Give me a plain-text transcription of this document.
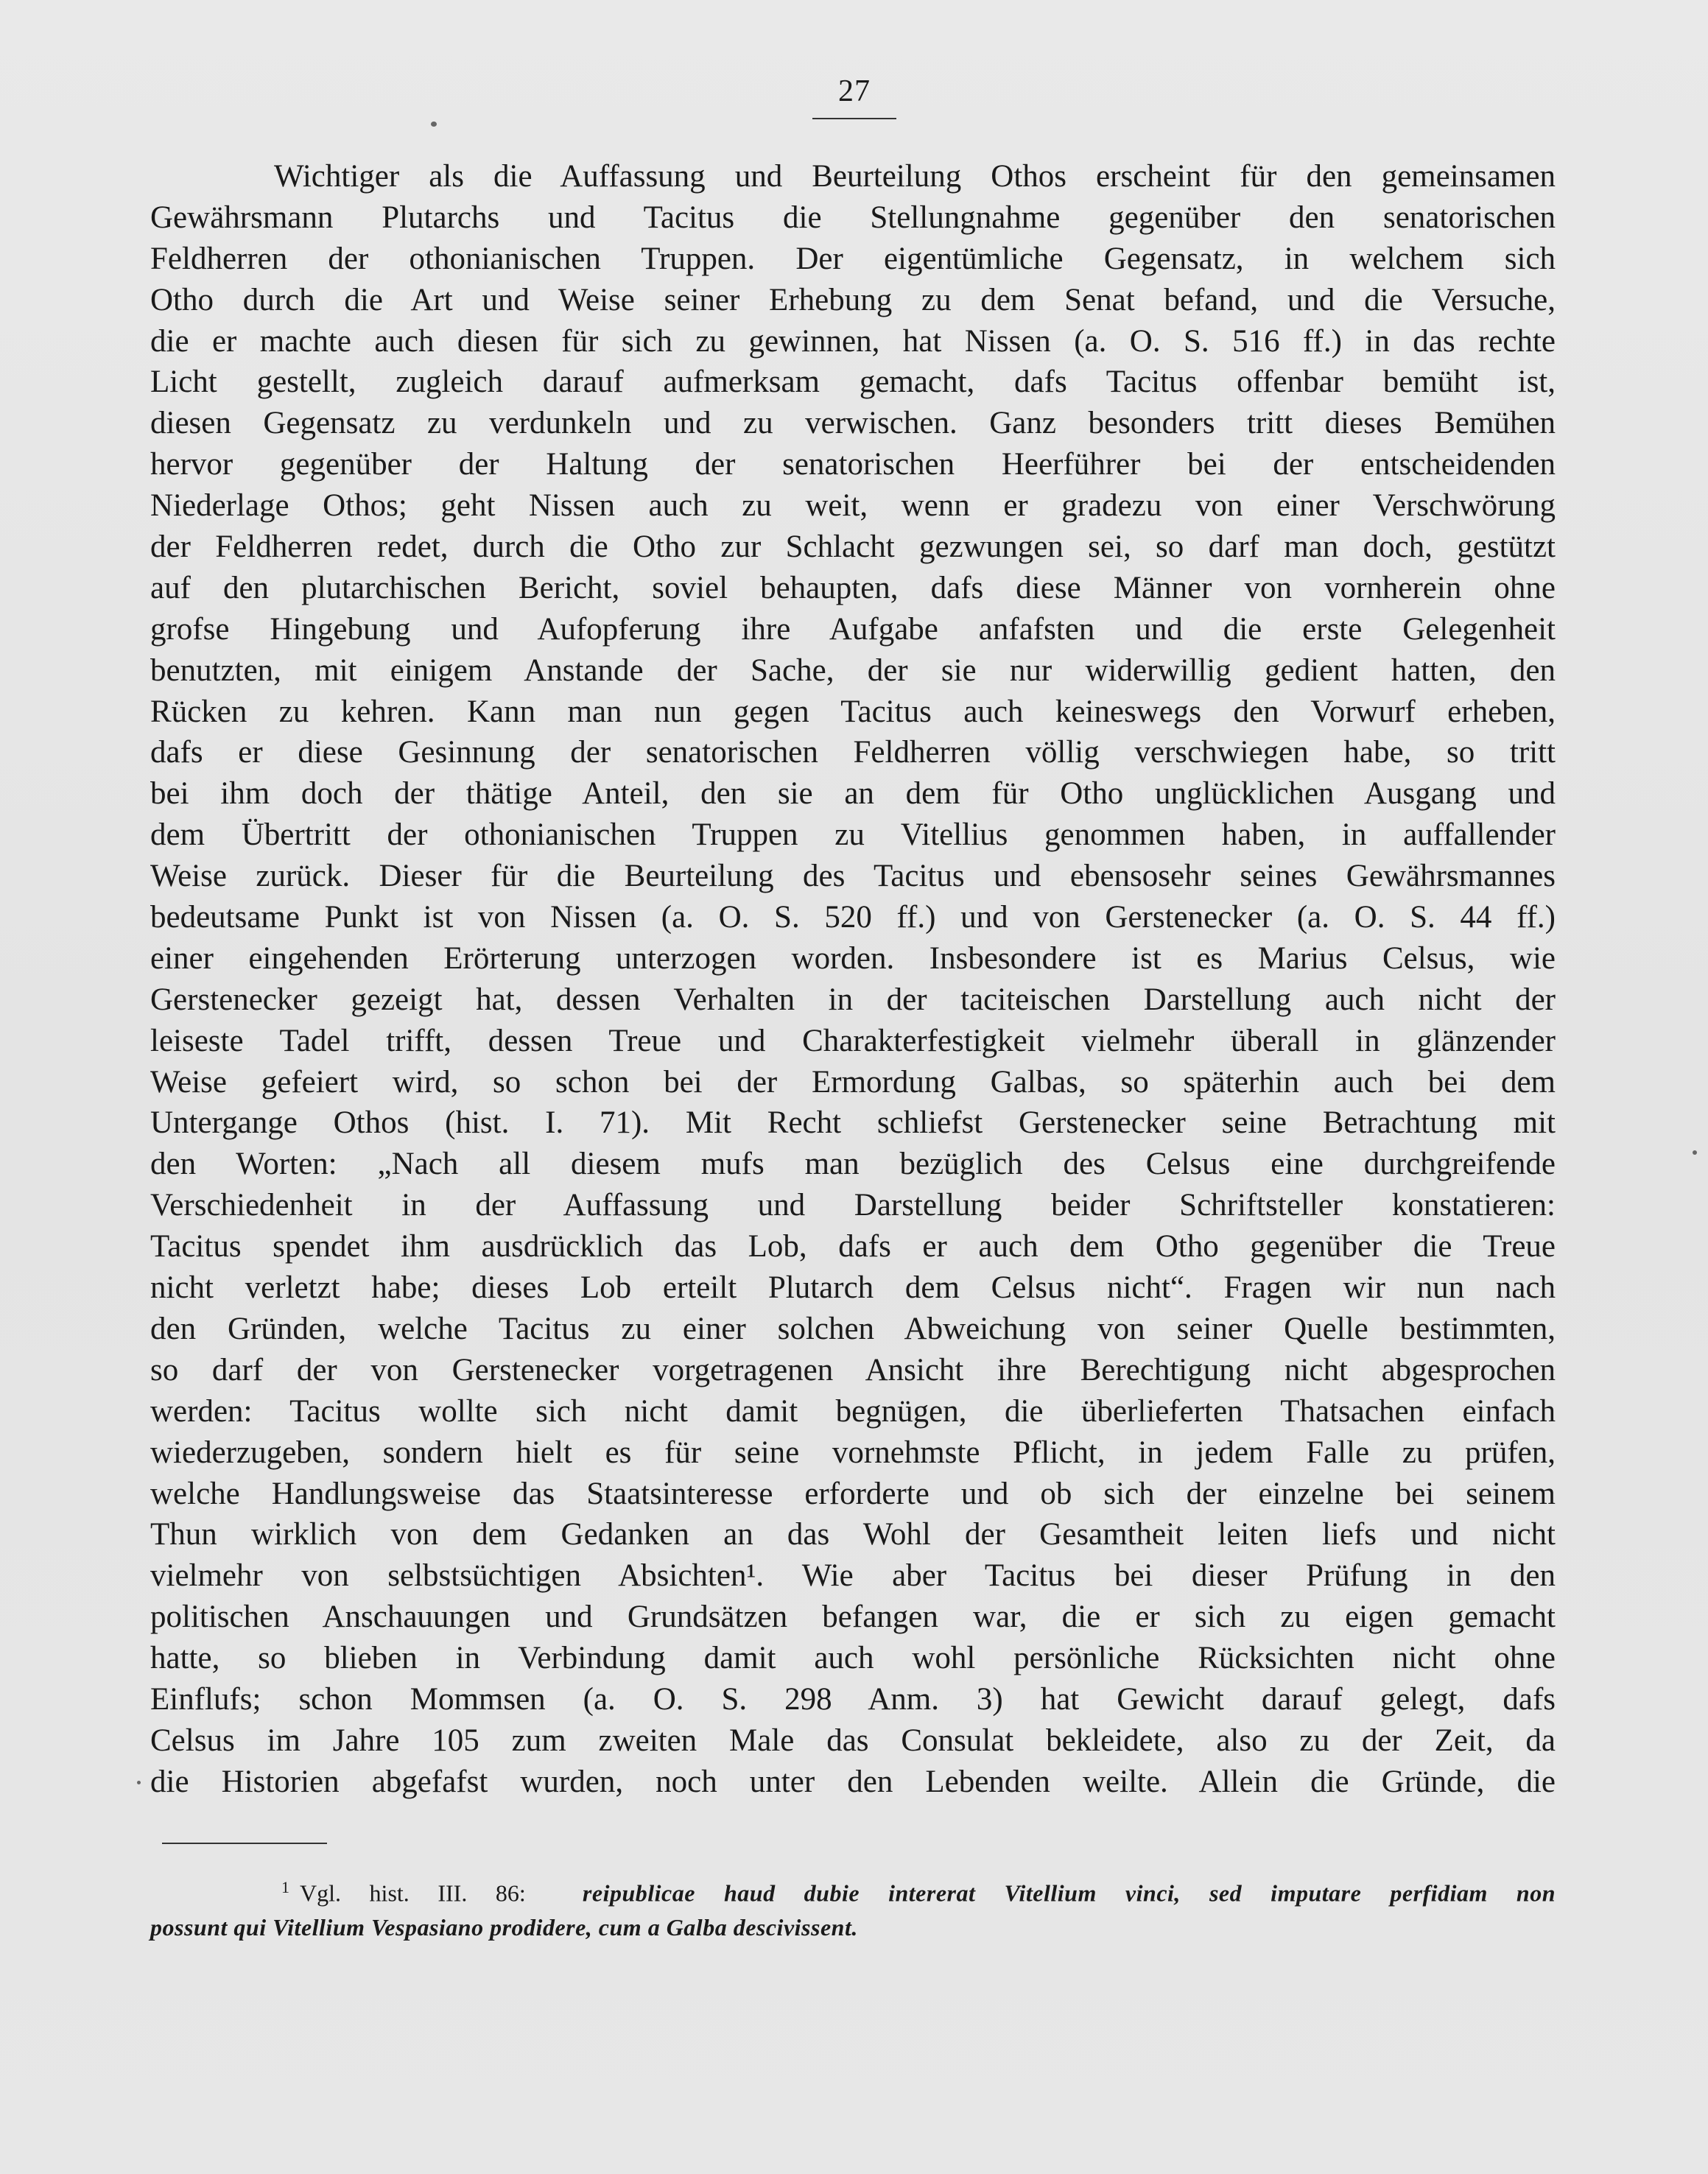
27
Wichtiger als die Auffassung und Beurteilung Othos erscheint für den gemeinsamen
Gewährsmann Plutarchs und Tacitus die Stellungnahme gegenüber den senatorischen
Feldherren der othonianischen Truppen. Der eigentümliche Gegensatz, in welchem sich
Otho durch die Art und Weise seiner Erhebung zu dem Senat befand, und die Versuche,
die er machte auch diesen für sich zu gewinnen, hat Nissen (a. O. S. 516 ff.) in das rechte
Licht gestellt, zugleich darauf aufmerksam gemacht, dafs Tacitus offenbar bemüht ist,
diesen Gegensatz zu verdunkeln und zu verwischen. Ganz besonders tritt dieses Bemühen
hervor gegenüber der Haltung der senatorischen Heerführer bei der entscheidenden
Niederlage Othos; geht Nissen auch zu weit, wenn er gradezu von einer Verschwörung
der Feldherren redet, durch die Otho zur Schlacht gezwungen sei, so darf man doch, gestützt
auf den plutarchischen Bericht, soviel behaupten, dafs diese Männer von vornherein ohne
grofse Hingebung und Aufopferung ihre Aufgabe anfafsten und die erste Gelegenheit
benutzten, mit einigem Anstande der Sache, der sie nur widerwillig gedient hatten, den
Rücken zu kehren. Kann man nun gegen Tacitus auch keineswegs den Vorwurf erheben,
dafs er diese Gesinnung der senatorischen Feldherren völlig verschwiegen habe, so tritt
bei ihm doch der thätige Anteil, den sie an dem für Otho unglücklichen Ausgang und
dem Übertritt der othonianischen Truppen zu Vitellius genommen haben, in auffallender
Weise zurück. Dieser für die Beurteilung des Tacitus und ebensosehr seines Gewährsmannes
bedeutsame Punkt ist von Nissen (a. O. S. 520 ff.) und von Gerstenecker (a. O. S. 44 ff.)
einer eingehenden Erörterung unterzogen worden. Insbesondere ist es Marius Celsus, wie
Gerstenecker gezeigt hat, dessen Verhalten in der taciteischen Darstellung auch nicht der
leiseste Tadel trifft, dessen Treue und Charakterfestigkeit vielmehr überall in glänzender
Weise gefeiert wird, so schon bei der Ermordung Galbas, so späterhin auch bei dem
Untergange Othos (hist. I. 71). Mit Recht schliefst Gerstenecker seine Betrachtung mit
den Worten: „Nach all diesem mufs man bezüglich des Celsus eine durchgreifende
Verschiedenheit in der Auffassung und Darstellung beider Schriftsteller konstatieren:
Tacitus spendet ihm ausdrücklich das Lob, dafs er auch dem Otho gegenüber die Treue
nicht verletzt habe; dieses Lob erteilt Plutarch dem Celsus nicht“. Fragen wir nun nach
den Gründen, welche Tacitus zu einer solchen Abweichung von seiner Quelle bestimmten,
so darf der von Gerstenecker vorgetragenen Ansicht ihre Berechtigung nicht abgesprochen
werden: Tacitus wollte sich nicht damit begnügen, die überlieferten Thatsachen einfach
wiederzugeben, sondern hielt es für seine vornehmste Pflicht, in jedem Falle zu prüfen,
welche Handlungsweise das Staatsinteresse erforderte und ob sich der einzelne bei seinem
Thun wirklich von dem Gedanken an das Wohl der Gesamtheit leiten liefs und nicht
vielmehr von selbstsüchtigen Absichten¹. Wie aber Tacitus bei dieser Prüfung in den
politischen Anschauungen und Grundsätzen befangen war, die er sich zu eigen gemacht
hatte, so blieben in Verbindung damit auch wohl persönliche Rücksichten nicht ohne
Einflufs; schon Mommsen (a. O. S. 298 Anm. 3) hat Gewicht darauf gelegt, dafs
Celsus im Jahre 105 zum zweiten Male das Consulat bekleidete, also zu der Zeit, da
die Historien abgefafst wurden, noch unter den Lebenden weilte. Allein die Gründe, die
$^1$ Vgl. hist. III. 86: reipublicae haud dubie intererat Vitellium vinci, sed imputare perfidiam non
possunt qui Vitellium Vespasiano prodidere, cum a Galba descivissent.
